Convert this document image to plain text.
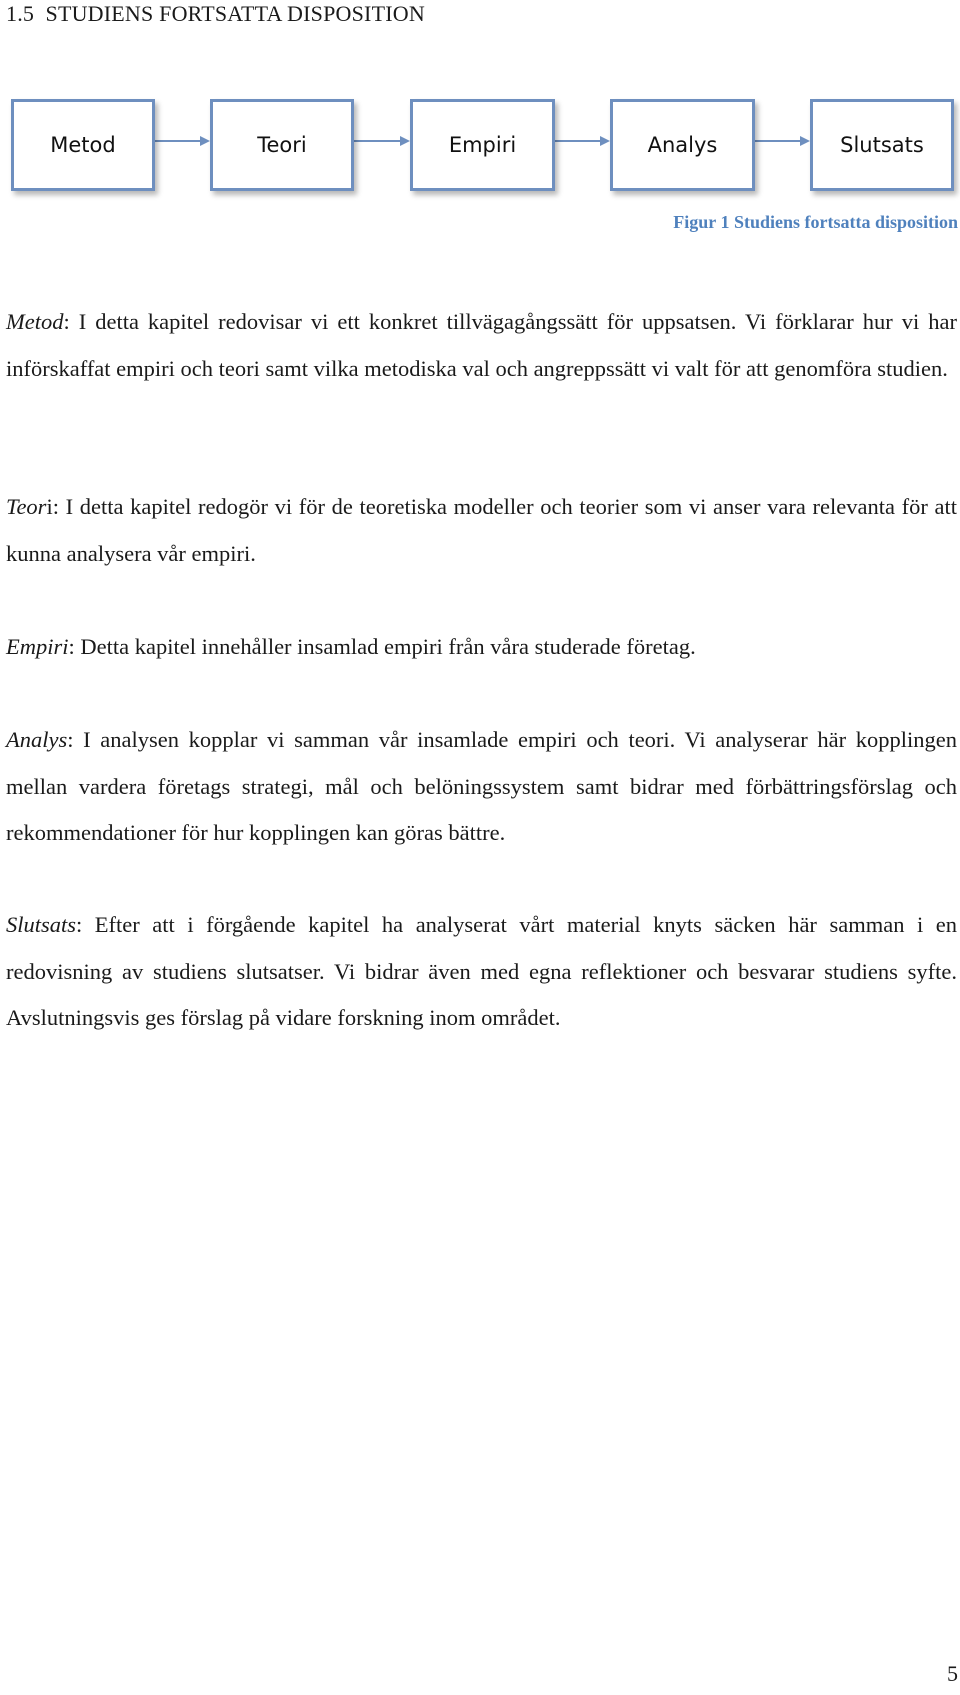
1.5 STUDIENS FORTSATTA DISPOSITION
Metod	Teori	Empiri	Analys	Slutsats
Figur 1 Studiens fortsatta disposition

Metod: I detta kapitel redovisar vi ett konkret tillvägagångssätt för uppsatsen. Vi förklarar hur vi har införskaffat empiri och teori samt vilka metodiska val och angreppssätt vi valt för att genomföra studien.

Teori: I detta kapitel redogör vi för de teoretiska modeller och teorier som vi anser vara relevanta för att kunna analysera vår empiri.

Empiri: Detta kapitel innehåller insamlad empiri från våra studerade företag.

Analys: I analysen kopplar vi samman vår insamlade empiri och teori. Vi analyserar här kopplingen mellan vardera företags strategi, mål och belöningssystem samt bidrar med förbättringsförslag och rekommendationer för hur kopplingen kan göras bättre.

Slutsats: Efter att i förgående kapitel ha analyserat vårt material knyts säcken här samman i en redovisning av studiens slutsatser. Vi bidrar även med egna reflektioner och besvarar studiens syfte. Avslutningsvis ges förslag på vidare forskning inom området.

5
